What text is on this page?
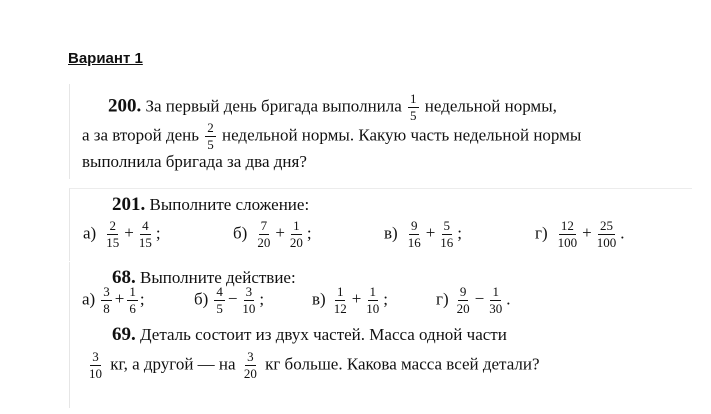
Вариант 1
200. За первый день бригада выполнила $\frac{1}{5}$ недельной нормы,
а за второй день $\frac{2}{5}$ недельной нормы. Какую часть недельной нормы
выполнила бригада за два дня?
201. Выполните сложение:
$а) \frac{2}{15} + \frac{4}{15}$ ;	$б) \frac{7}{20} + \frac{1}{20}$ ;	$в) \frac{9}{16} + \frac{5}{16}$ ;	$г) \frac{12}{100} + \frac{25}{100}$ .
68. Выполните действие:
$а) \frac{3}{8} + \frac{1}{6}$ ;	$б) \frac{4}{5} - \frac{3}{10}$ ;	$в) \frac{1}{12} + \frac{1}{10}$ ;	$г) \frac{9}{20} - \frac{1}{30}$ .
69. Деталь состоит из двух частей. Масса одной части
$\frac{3}{10}$ кг, а другой — на $\frac{3}{20}$ кг больше. Какова масса всей детали?
